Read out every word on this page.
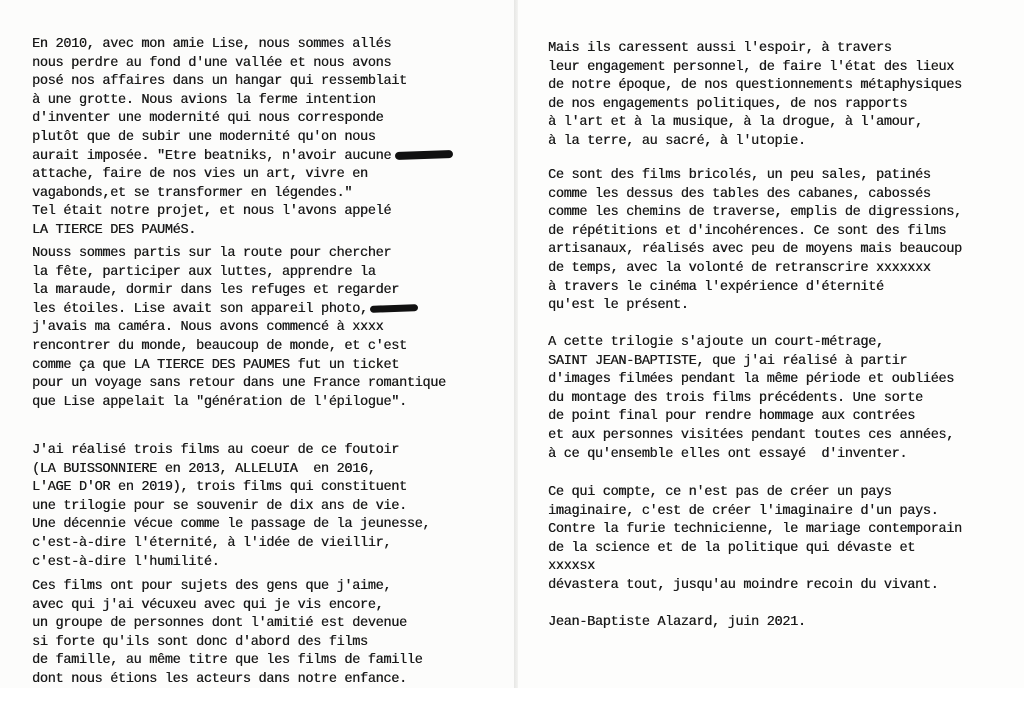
En 2010, avec mon amie Lise, nous sommes allés
nous perdre au fond d'une vallée et nous avons
posé nos affaires dans un hangar qui ressemblait
à une grotte. Nous avions la ferme intention
d'inventer une modernité qui nous corresponde
plutôt que de subir une modernité qu'on nous
aurait imposée. "Etre beatniks, n'avoir aucune
attache, faire de nos vies un art, vivre en
vagabonds,et se transformer en légendes."
Tel était notre projet, et nous l'avons appelé
LA TIERCE DES PAUMéS.
Nouss sommes partis sur la route pour chercher
la fête, participer aux luttes, apprendre la
la maraude, dormir dans les refuges et regarder
les étoiles. Lise avait son appareil photo,
j'avais ma caméra. Nous avons commencé à xxxx
rencontrer du monde, beaucoup de monde, et c'est
comme ça que LA TIERCE DES PAUMES fut un ticket
pour un voyage sans retour dans une France romantique
que Lise appelait la "génération de l'épilogue".
J'ai réalisé trois films au coeur de ce foutoir
(LA BUISSONNIERE en 2013, ALLELUIA  en 2016,
L'AGE D'OR en 2019), trois films qui constituent
une trilogie pour se souvenir de dix ans de vie.
Une décennie vécue comme le passage de la jeunesse,
c'est-à-dire l'éternité, à l'idée de vieillir,
c'est-à-dire l'humilité.
Ces films ont pour sujets des gens que j'aime,
avec qui j'ai vécuxeu avec qui je vis encore,
un groupe de personnes dont l'amitié est devenue
si forte qu'ils sont donc d'abord des films
de famille, au même titre que les films de famille
dont nous étions les acteurs dans notre enfance.
Mais ils caressent aussi l'espoir, à travers
leur engagement personnel, de faire l'état des lieux
de notre époque, de nos questionnements métaphysiques
de nos engagements politiques, de nos rapports
à l'art et à la musique, à la drogue, à l'amour,
à la terre, au sacré, à l'utopie.
Ce sont des films bricolés, un peu sales, patinés
comme les dessus des tables des cabanes, cabossés
comme les chemins de traverse, emplis de digressions,
de répétitions et d'incohérences. Ce sont des films
artisanaux, réalisés avec peu de moyens mais beaucoup
de temps, avec la volonté de retranscrire xxxxxxx
à travers le cinéma l'expérience d'éternité
qu'est le présent.
A cette trilogie s'ajoute un court-métrage,
SAINT JEAN-BAPTISTE, que j'ai réalisé à partir
d'images filmées pendant la même période et oubliées
du montage des trois films précédents. Une sorte
de point final pour rendre hommage aux contrées
et aux personnes visitées pendant toutes ces années,
à ce qu'ensemble elles ont essayé  d'inventer.
Ce qui compte, ce n'est pas de créer un pays
imaginaire, c'est de créer l'imaginaire d'un pays.
Contre la furie technicienne, le mariage contemporain
de la science et de la politique qui dévaste et
xxxxsx
dévastera tout, jusqu'au moindre recoin du vivant.
Jean-Baptiste Alazard, juin 2021.
